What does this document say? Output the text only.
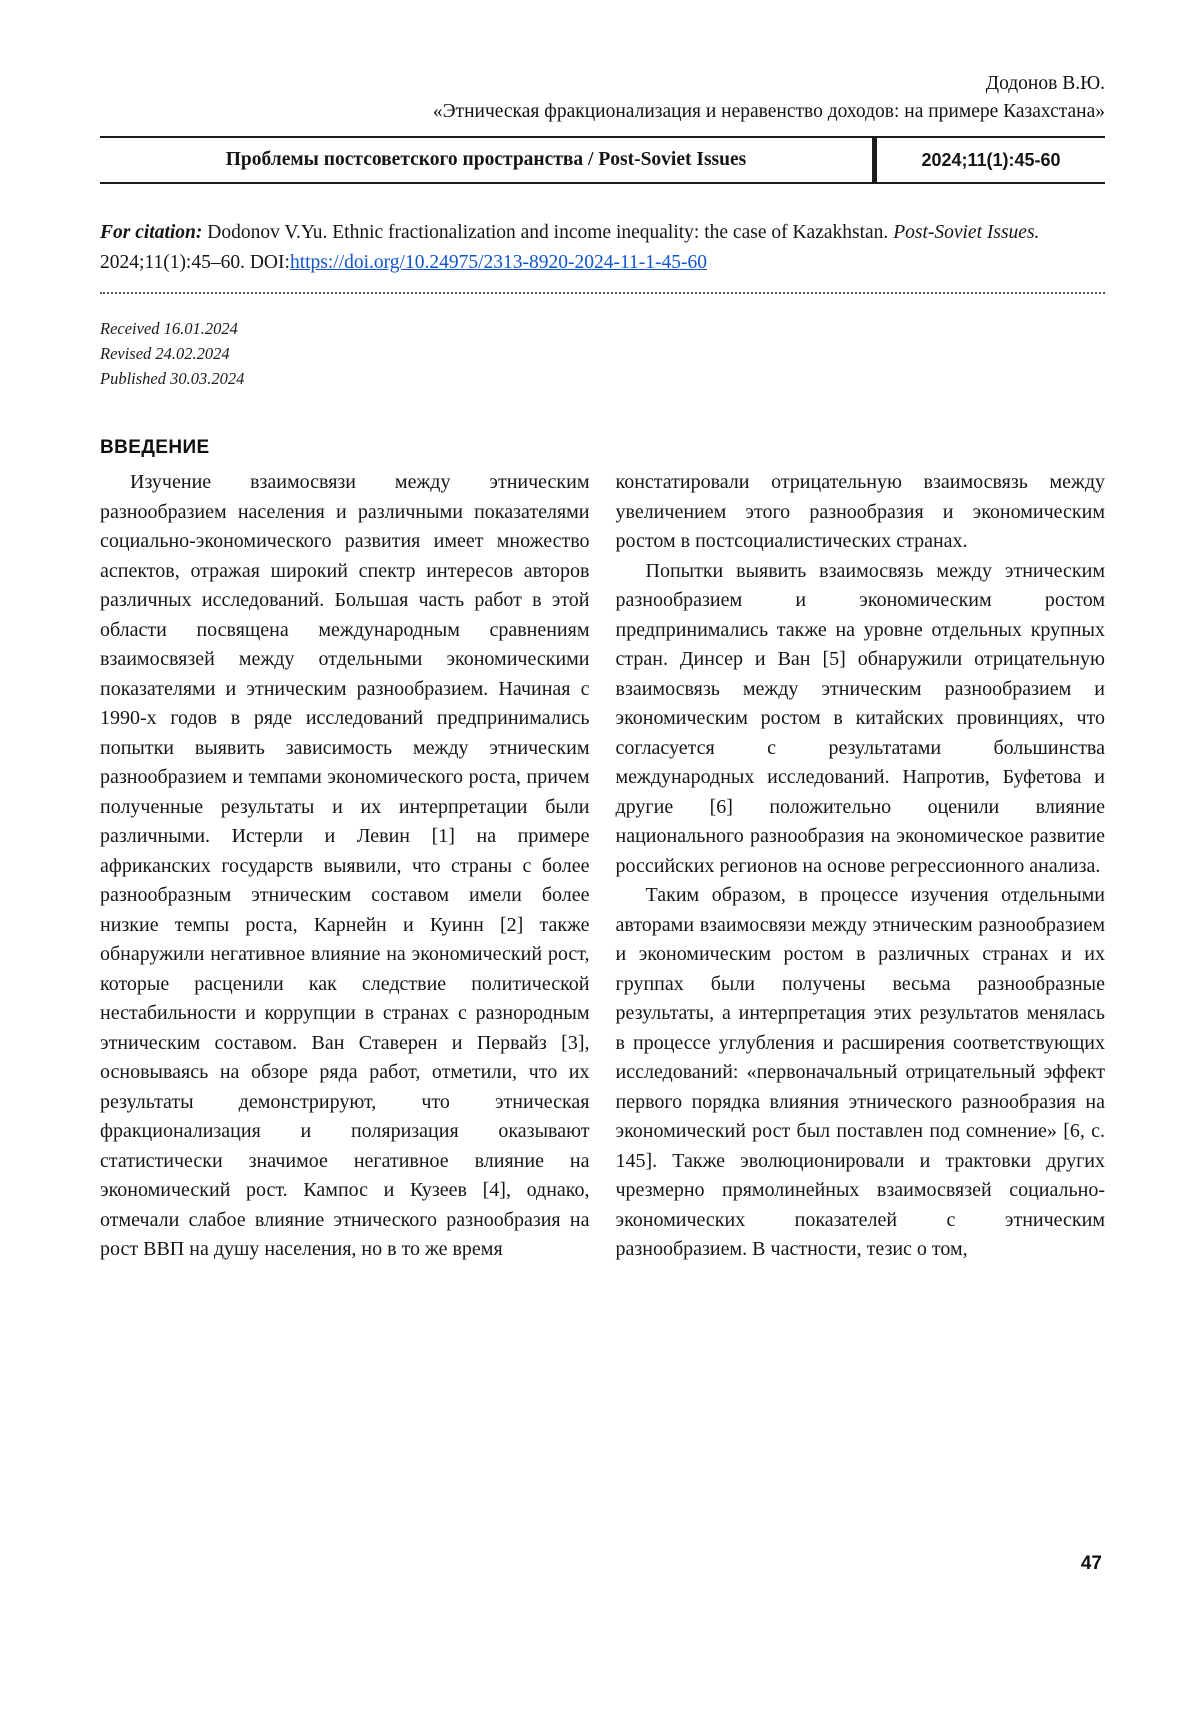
Додонов В.Ю.
«Этническая фракционализация и неравенство доходов: на примере Казахстана»
Проблемы постсоветского пространства / Post-Soviet Issues	2024;11(1):45-60

For citation: Dodonov V.Yu. Ethnic fractionalization and income inequality: the case of Kazakhstan. Post-Soviet Issues. 2024;11(1):45–60. DOI:https://doi.org/10.24975/2313-8920-2024-11-1-45-60

Received 16.01.2024
Revised 24.02.2024
Published 30.03.2024
ВВЕДЕНИЕ

Изучение взаимосвязи между этническим разнообразием населения и различными показателями социально-экономического развития имеет множество аспектов, отражая широкий спектр интересов авторов различных исследований. Большая часть работ в этой области посвящена международным сравнениям взаимосвязей между отдельными экономическими показателями и этническим разнообразием. Начиная с 1990-х годов в ряде исследований предпринимались попытки выявить зависимость между этническим разнообразием и темпами экономического роста, причем полученные результаты и их интерпретации были различными. Истерли и Левин [1] на примере африканских государств выявили, что страны с более разнообразным этническим составом имели более низкие темпы роста, Карнейн и Куинн [2] также обнаружили негативное влияние на экономический рост, которые расценили как следствие политической нестабильности и коррупции в странах с разнородным этническим составом. Ван Ставерен и Первайз [3], основываясь на обзоре ряда работ, отметили, что их результаты демонстрируют, что этническая фракционализация и поляризация оказывают статистически значимое негативное влияние на экономический рост. Кампос и Кузеев [4], однако, отмечали слабое влияние этнического разнообразия на рост ВВП на душу населения, но в то же время

констатировали отрицательную взаимосвязь между увеличением этого разнообразия и экономическим ростом в постсоциалистических странах.

Попытки выявить взаимосвязь между этническим разнообразием и экономическим ростом предпринимались также на уровне отдельных крупных стран. Динсер и Ван [5] обнаружили отрицательную взаимосвязь между этническим разнообразием и экономическим ростом в китайских провинциях, что согласуется с результатами большинства международных исследований. Напротив, Буфетова и другие [6] положительно оценили влияние национального разнообразия на экономическое развитие российских регионов на основе регрессионного анализа.

Таким образом, в процессе изучения отдельными авторами взаимосвязи между этническим разнообразием и экономическим ростом в различных странах и их группах были получены весьма разнообразные результаты, а интерпретация этих результатов менялась в процессе углубления и расширения соответствующих исследований: «первоначальный отрицательный эффект первого порядка влияния этнического разнообразия на экономический рост был поставлен под сомнение» [6, с. 145]. Также эволюционировали и трактовки других чрезмерно прямолинейных взаимосвязей социально-экономических показателей с этническим разнообразием. В частности, тезис о том,

47
